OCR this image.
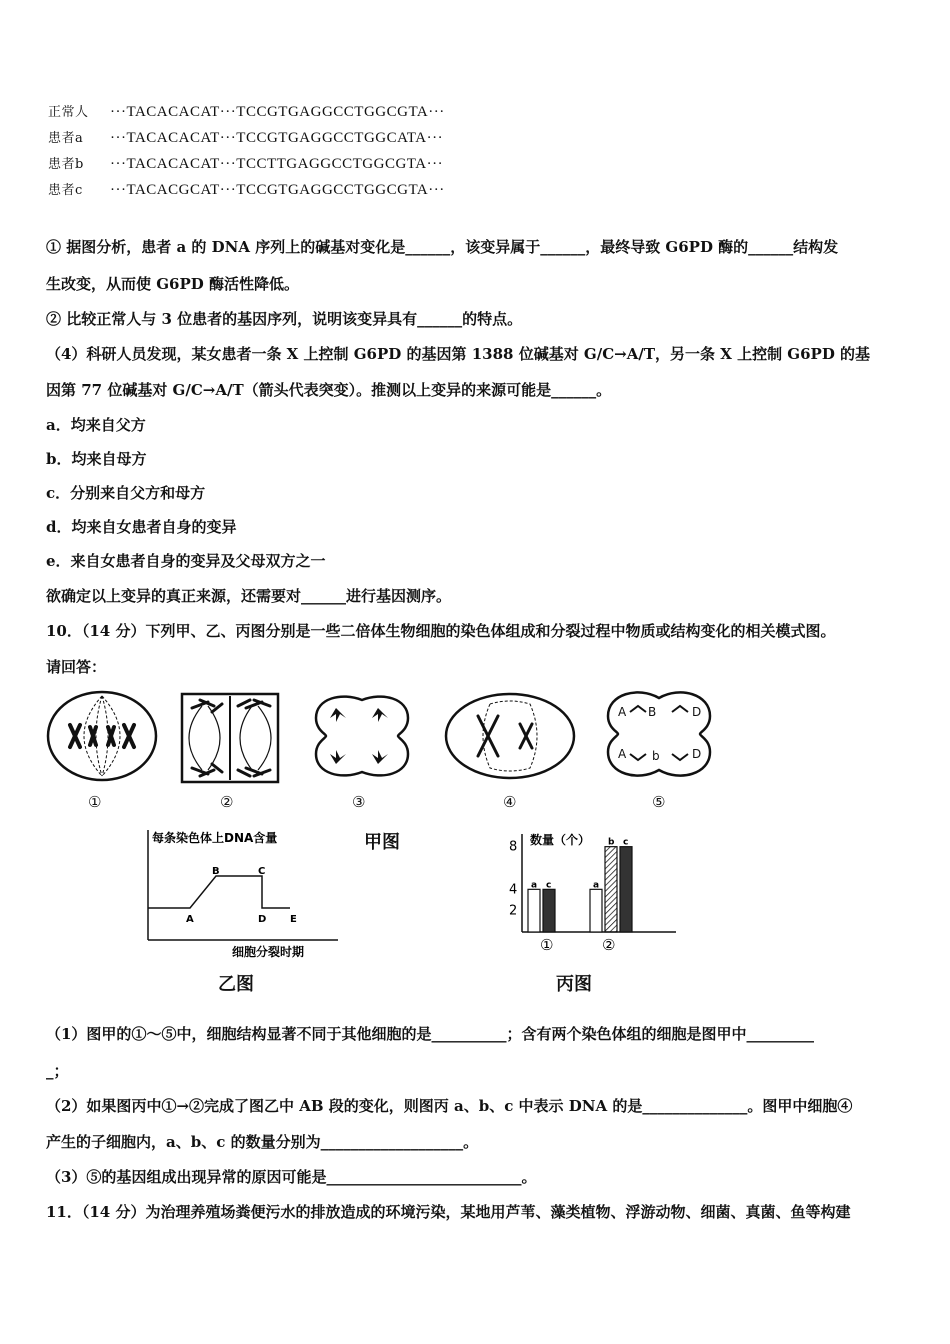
正常人 ···TACACACAT···TCCGTGAGGCCTGGCGTA···
患者a ···TACACACAT···TCCGTGAGGCCTGGCATA···
患者b ···TACACACAT···TCCTTGAGGCCTGGCGTA···
患者c ···TACACGCAT···TCCGTGAGGCCTGGCGTA···
① 据图分析，患者 a 的 DNA 序列上的碱基对变化是______，该变异属于______，最终导致 G6PD 酶的______结构发
生改变，从而使 G6PD 酶活性降低。
② 比较正常人与 3 位患者的基因序列，说明该变异具有______的特点。
（4）科研人员发现，某女患者一条 X 上控制 G6PD 的基因第 1388 位碱基对 G/C→A/T，另一条 X 上控制 G6PD 的基
因第 77 位碱基对 G/C→A/T（箭头代表突变）。推测以上变异的来源可能是______。
a．均来自父方
b．均来自母方
c．分别来自父方和母方
d．均来自女患者自身的变异
e．来自女患者自身的变异及父母双方之一
欲确定以上变异的真正来源，还需要对______进行基因测序。
10．（14 分）下列甲、乙、丙图分别是一些二倍体生物细胞的染色体组成和分裂过程中物质或结构变化的相关模式图。
请回答：
A B	D
A b	D
①	②	③	④	⑤
甲图
每条染色体上DNA含量
A
B	C
D E
细胞分裂时期
乙图
数量（个）
2
4
8
a c
①
a
b c
②
丙图
（1）图甲的①～⑤中，细胞结构显著不同于其他细胞的是__________；含有两个染色体组的细胞是图甲中_________
_；
（2）如果图丙中①→②完成了图乙中 AB 段的变化，则图丙 a、b、c 中表示 DNA 的是______________。图甲中细胞④
产生的子细胞内，a、b、c 的数量分别为___________________。
（3）⑤的基因组成出现异常的原因可能是__________________________。
11．（14 分）为治理养殖场粪便污水的排放造成的环境污染，某地用芦苇、藻类植物、浮游动物、细菌、真菌、鱼等构建
